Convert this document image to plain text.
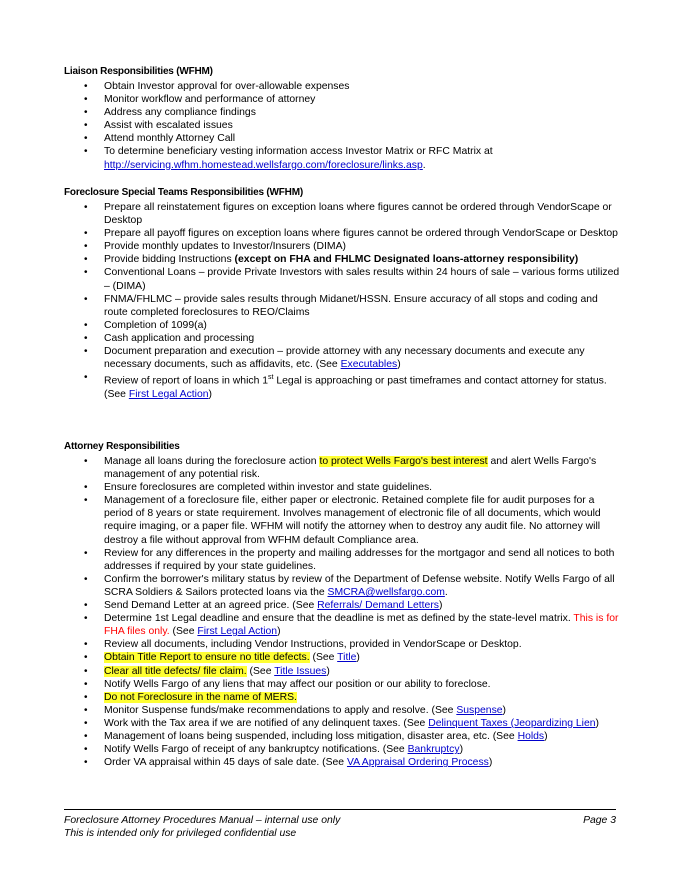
Liaison Responsibilities (WFHM)
• Obtain Investor approval for over-allowable expenses
• Monitor workflow and performance of attorney
• Address any compliance findings
• Assist with escalated issues
• Attend monthly Attorney Call
• To determine beneficiary vesting information access Investor Matrix or RFC Matrix at http://servicing.wfhm.homestead.wellsfargo.com/foreclosure/links.asp.
Foreclosure Special Teams Responsibilities (WFHM)
• Prepare all reinstatement figures on exception loans where figures cannot be ordered through VendorScape or Desktop
• Prepare all payoff figures on exception loans where figures cannot be ordered through VendorScape or Desktop
• Provide monthly updates to Investor/Insurers (DIMA)
• Provide bidding Instructions (except on FHA and FHLMC Designated loans-attorney responsibility)
• Conventional Loans – provide Private Investors with sales results within 24 hours of sale – various forms utilized – (DIMA)
• FNMA/FHLMC – provide sales results through Midanet/HSSN. Ensure accuracy of all stops and coding and route completed foreclosures to REO/Claims
• Completion of 1099(a)
• Cash application and processing
• Document preparation and execution – provide attorney with any necessary documents and execute any necessary documents, such as affidavits, etc. (See Executables)
• Review of report of loans in which 1st Legal is approaching or past timeframes and contact attorney for status. (See First Legal Action)
Attorney Responsibilities
• Manage all loans during the foreclosure action to protect Wells Fargo's best interest and alert Wells Fargo's management of any potential risk.
• Ensure foreclosures are completed within investor and state guidelines.
• Management of a foreclosure file, either paper or electronic. Retained complete file for audit purposes for a period of 8 years or state requirement. Involves management of electronic file of all documents, which would require imaging, or a paper file. WFHM will notify the attorney when to destroy any audit file. No attorney will destroy a file without approval from WFHM default Compliance area.
• Review for any differences in the property and mailing addresses for the mortgagor and send all notices to both addresses if required by your state guidelines.
• Confirm the borrower's military status by review of the Department of Defense website. Notify Wells Fargo of all SCRA Soldiers & Sailors protected loans via the SMCRA@wellsfargo.com.
• Send Demand Letter at an agreed price. (See Referrals/ Demand Letters)
• Determine 1st Legal deadline and ensure that the deadline is met as defined by the state-level matrix. This is for FHA files only. (See First Legal Action)
• Review all documents, including Vendor Instructions, provided in VendorScape or Desktop.
• Obtain Title Report to ensure no title defects. (See Title)
• Clear all title defects/ file claim. (See Title Issues)
• Notify Wells Fargo of any liens that may affect our position or our ability to foreclose.
• Do not Foreclosure in the name of MERS.
• Monitor Suspense funds/make recommendations to apply and resolve. (See Suspense)
• Work with the Tax area if we are notified of any delinquent taxes. (See Delinquent Taxes (Jeopardizing Lien)
• Management of loans being suspended, including loss mitigation, disaster area, etc. (See Holds)
• Notify Wells Fargo of receipt of any bankruptcy notifications. (See Bankruptcy)
• Order VA appraisal within 45 days of sale date. (See VA Appraisal Ordering Process)
Foreclosure Attorney Procedures Manual – internal use only	Page 3
This is intended only for privileged confidential use
